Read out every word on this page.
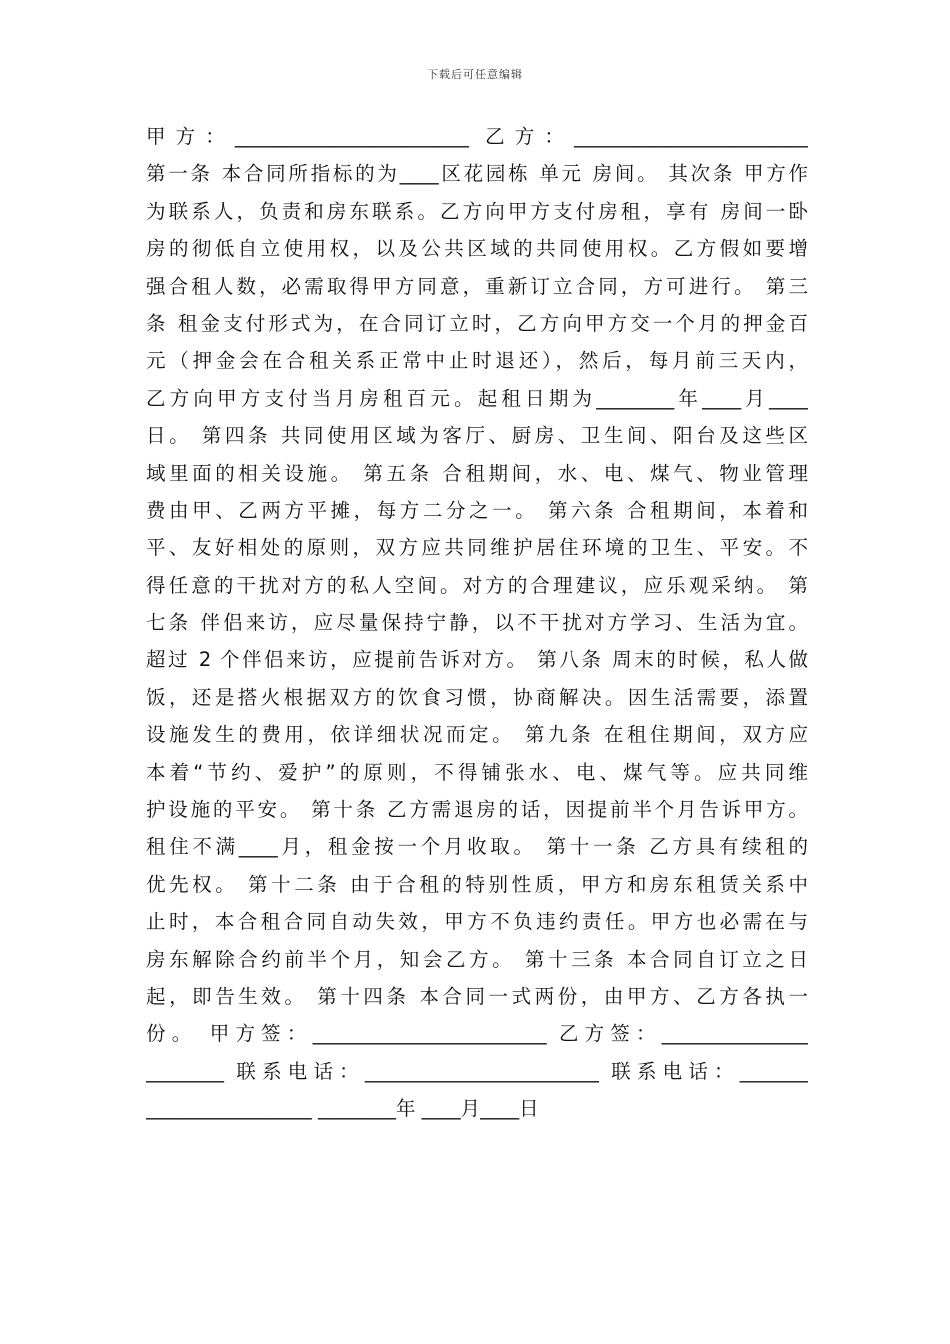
下载后可任意编辑
甲方：________________________ 乙方：________________________
第一条 本合同所指标的为____区花园栋 单元 房间。 其次条 甲方作
为联系人，负责和房东联系。乙方向甲方支付房租，享有 房间一卧
房的彻低自立使用权，以及公共区域的共同使用权。乙方假如要增
强合租人数，必需取得甲方同意，重新订立合同，方可进行。 第三
条 租金支付形式为，在合同订立时，乙方向甲方交一个月的押金百
元（押金会在合租关系正常中止时退还），然后，每月前三天内，
乙方向甲方支付当月房租百元。起租日期为________年____月____
日。 第四条 共同使用区域为客厅、厨房、卫生间、阳台及这些区
域里面的相关设施。 第五条 合租期间，水、电、煤气、物业管理
费由甲、乙两方平摊，每方二分之一。 第六条 合租期间，本着和
平、友好相处的原则，双方应共同维护居住环境的卫生、平安。不
得任意的干扰对方的私人空间。对方的合理建议，应乐观采纳。 第
七条 伴侣来访，应尽量保持宁静，以不干扰对方学习、生活为宜。
超过 2 个伴侣来访，应提前告诉对方。 第八条 周末的时候，私人做
饭，还是搭火根据双方的饮食习惯，协商解决。因生活需要，添置
设施发生的费用，依详细状况而定。 第九条 在租住期间，双方应
本着“节约、爱护”的原则，不得铺张水、电、煤气等。应共同维
护设施的平安。 第十条 乙方需退房的话，因提前半个月告诉甲方。
租住不满____月，租金按一个月收取。 第十一条 乙方具有续租的
优先权。 第十二条 由于合租的特别性质，甲方和房东租赁关系中
止时，本合租合同自动失效，甲方不负违约责任。甲方也必需在与
房东解除合约前半个月，知会乙方。 第十三条 本合同自订立之日
起，即告生效。 第十四条 本合同一式两份，由甲方、乙方各执一
份。 甲方签：________________________ 乙方签：_______________
________ 联系电话：________________________ 联系电话：_______
_________________ ________年 ____月____日
